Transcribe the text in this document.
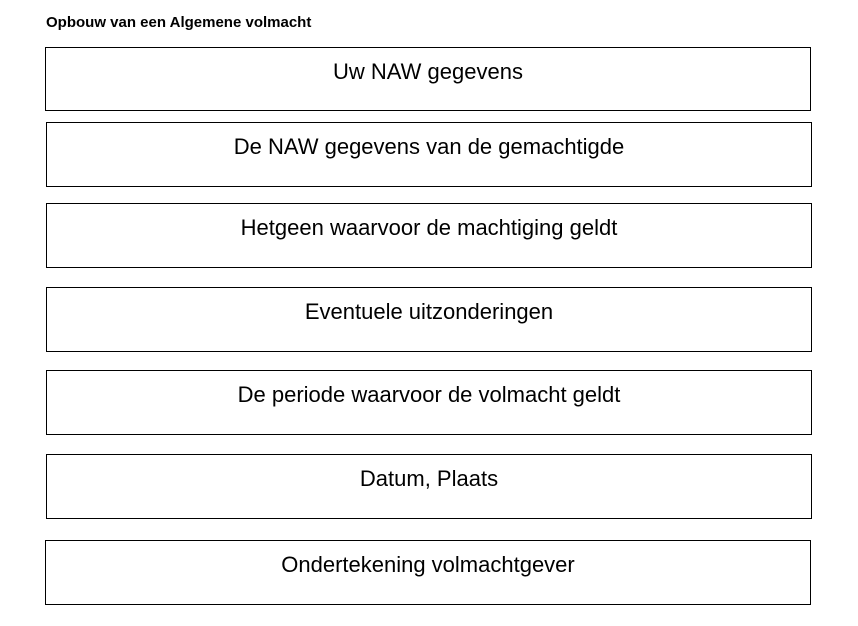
Opbouw van een Algemene volmacht
Uw NAW gegevens
De NAW gegevens van de gemachtigde
Hetgeen waarvoor de machtiging geldt
Eventuele uitzonderingen
De periode waarvoor de volmacht geldt
Datum, Plaats
Ondertekening volmachtgever
